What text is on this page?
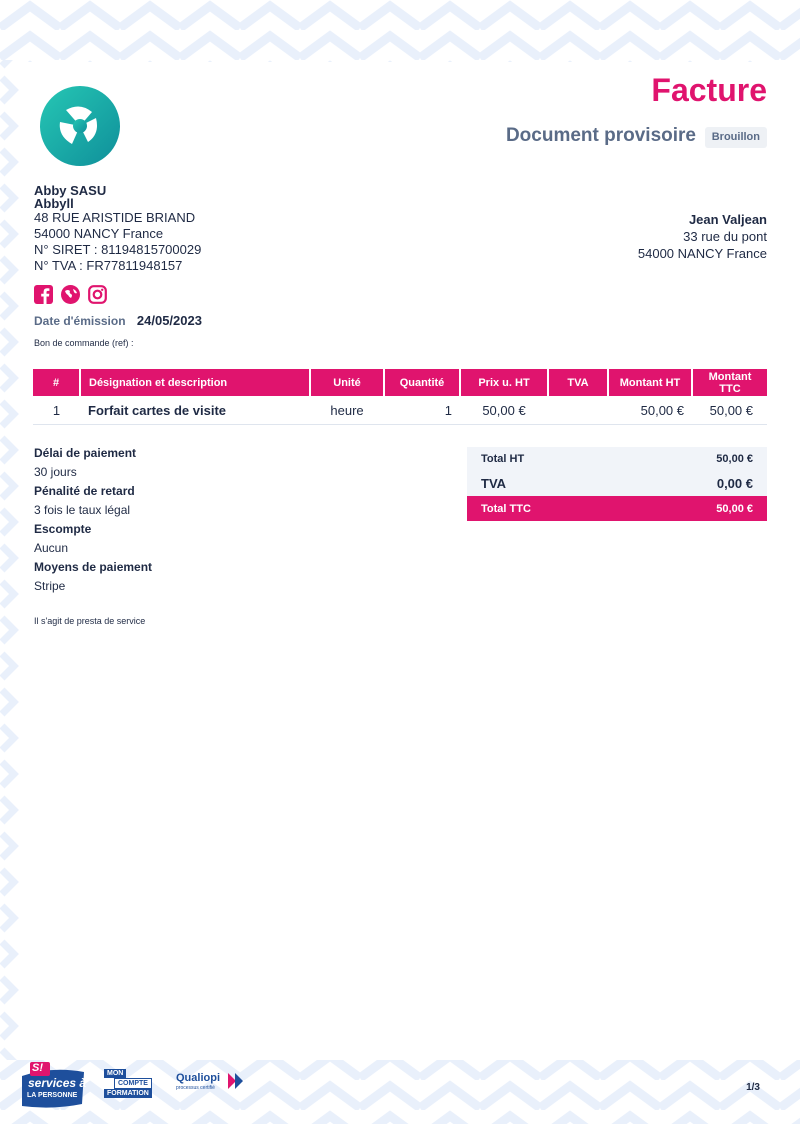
Facture
Document provisoire	Brouillon
Abby SASU
Abbyll
48 RUE ARISTIDE BRIAND
54000 NANCY France
N° SIRET : 81194815700029
N° TVA : FR77811948157
Jean Valjean
33 rue du pont
54000 NANCY France
Date d'émission 24/05/2023
Bon de commande (ref) :
#	Désignation et description	Unité	Quantité	Prix u. HT	TVA	Montant HT	Montant TTC
1	Forfait cartes de visite	heure	1	50,00 €		50,00 €	50,00 €
Délai de paiement
30 jours
Pénalité de retard
3 fois le taux légal
Escompte
Aucun
Moyens de paiement
Stripe
Total HT	50,00 €
TVA	0,00 €
Total TTC	50,00 €
Il s'agit de presta de service
S!
services à
LA PERSONNE
MON
COMPTE
FORMATION
Qualiopi
processus certifié	1/3
